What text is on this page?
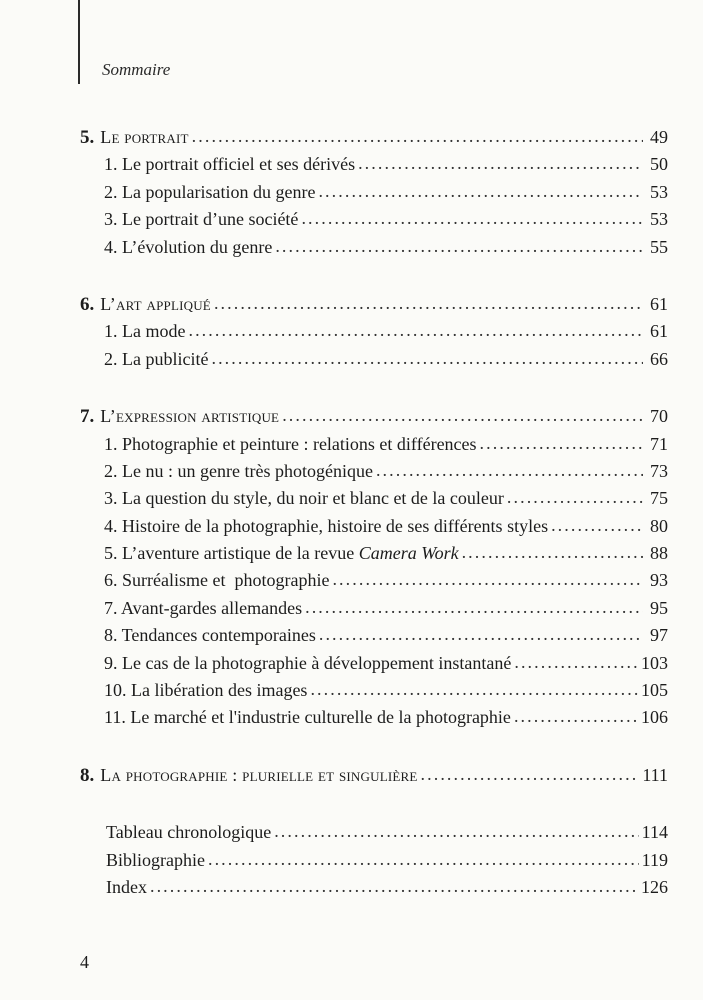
Sommaire
5. Le portrait . . .	49
1. Le portrait officiel et ses dérivés . . .	50
2. La popularisation du genre . . .	53
3. Le portrait d’une société . . .	53
4. L’évolution du genre . . .	55
6. L’art appliqué . . .	61
1. La mode . . .	61
2. La publicité . . .	66
7. L’expression artistique . . .	70
1. Photographie et peinture : relations et différences . . .	71
2. Le nu : un genre très photogénique . . .	73
3. La question du style, du noir et blanc et de la couleur . . .	75
4. Histoire de la photographie, histoire de ses différents styles . . .	80
5. L’aventure artistique de la revue Camera Work . . .	88
6. Surréalisme et  photographie . . .	93
7. Avant-gardes allemandes . . .	95
8. Tendances contemporaines . . .	97
9. Le cas de la photographie à développement instantané . . .	103
10. La libération des images . . .	105
11. Le marché et l'industrie culturelle de la photographie . . .	106
8. La photographie : plurielle et singulière . . .	111
Tableau chronologique . . .	114
Bibliographie . . .	119
Index . . .	126
4
